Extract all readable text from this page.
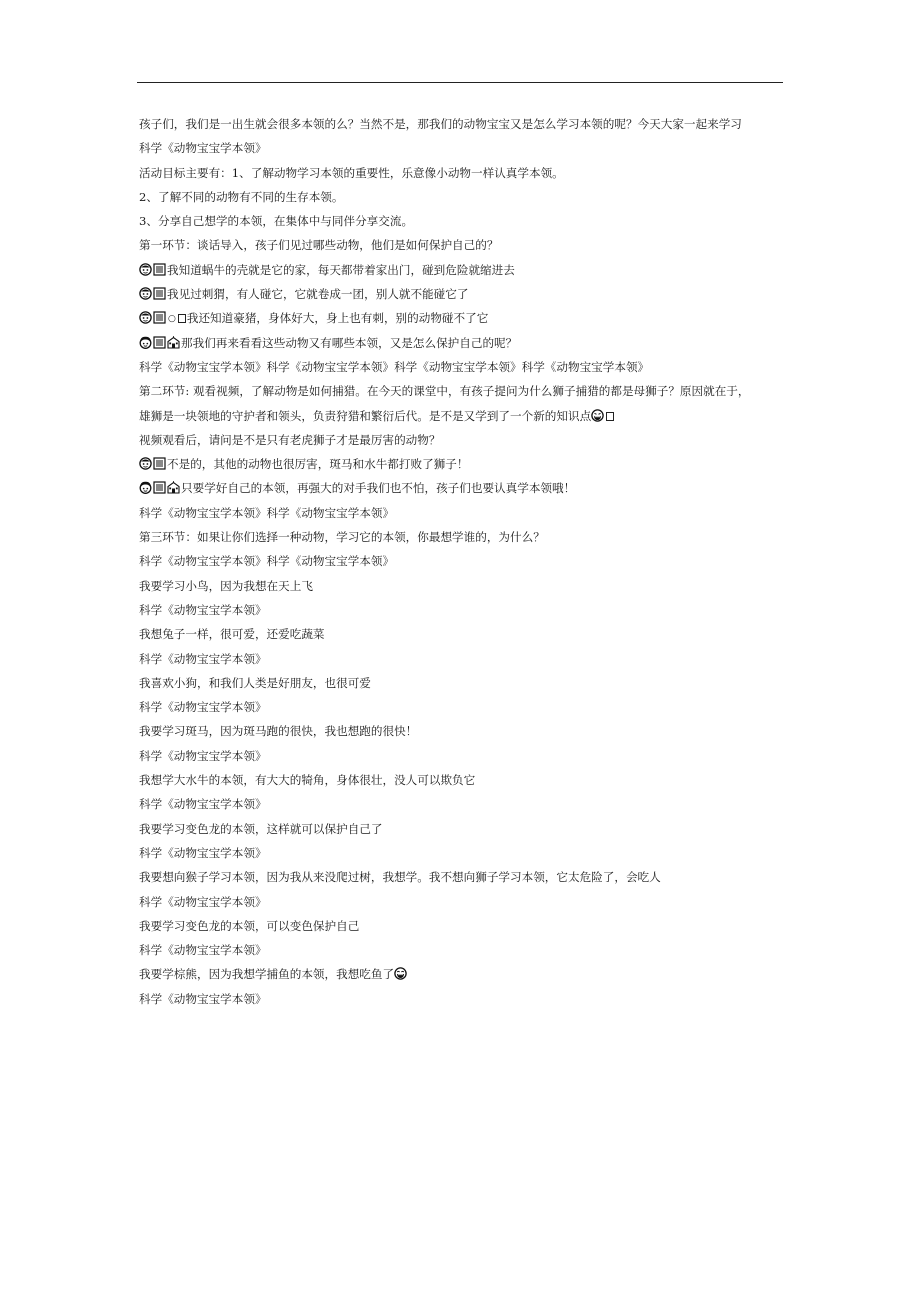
孩子们，我们是一出生就会很多本领的么？当然不是，那我们的动物宝宝又是怎么学习本领的呢？今天大家一起来学习
科学《动物宝宝学本领》
活动目标主要有：1、了解动物学习本领的重要性，乐意像小动物一样认真学本领。
2、了解不同的动物有不同的生存本领。
3、分享自己想学的本领，在集体中与同伴分享交流。
第一环节：谈话导入，孩子们见过哪些动物，他们是如何保护自己的？
我知道蜗牛的壳就是它的家，每天都带着家出门，碰到危险就缩进去
我见过刺猬，有人碰它，它就卷成一团，别人就不能碰它了
○ 我还知道豪猪，身体好大，身上也有刺，别的动物碰不了它
那我们再来看看这些动物又有哪些本领，又是怎么保护自己的呢？
科学《动物宝宝学本领》科学《动物宝宝学本领》科学《动物宝宝学本领》科学《动物宝宝学本领》
第二环节: 观看视频，了解动物是如何捕猎。在今天的课堂中，有孩子提问为什么狮子捕猎的都是母狮子？原因就在于，
雄狮是一块领地的守护者和领头，负责狩猎和繁衍后代。是不是又学到了一个新的知识点
视频观看后，请问是不是只有老虎狮子才是最厉害的动物？
不是的，其他的动物也很厉害，斑马和水牛都打败了狮子！
只要学好自己的本领，再强大的对手我们也不怕，孩子们也要认真学本领哦！
科学《动物宝宝学本领》科学《动物宝宝学本领》
第三环节：如果让你们选择一种动物，学习它的本领，你最想学谁的，为什么？
科学《动物宝宝学本领》科学《动物宝宝学本领》
我要学习小鸟，因为我想在天上飞
科学《动物宝宝学本领》
我想兔子一样，很可爱，还爱吃蔬菜
科学《动物宝宝学本领》
我喜欢小狗，和我们人类是好朋友，也很可爱
科学《动物宝宝学本领》
我要学习斑马，因为斑马跑的很快，我也想跑的很快！
科学《动物宝宝学本领》
我想学大水牛的本领，有大大的犄角，身体很壮，没人可以欺负它
科学《动物宝宝学本领》
我要学习变色龙的本领，这样就可以保护自己了
科学《动物宝宝学本领》
我要想向猴子学习本领，因为我从来没爬过树，我想学。我不想向狮子学习本领，它太危险了，会吃人
科学《动物宝宝学本领》
我要学习变色龙的本领，可以变色保护自己
科学《动物宝宝学本领》
我要学棕熊，因为我想学捕鱼的本领，我想吃鱼了
科学《动物宝宝学本领》
